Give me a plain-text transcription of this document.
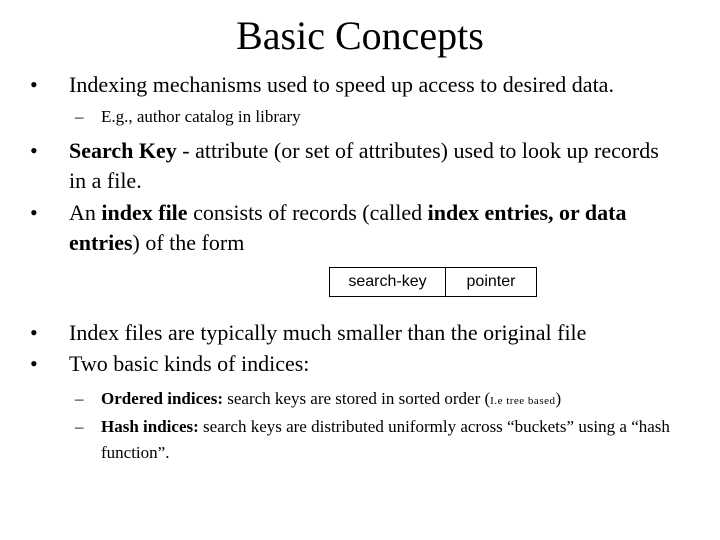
Basic Concepts
• Indexing mechanisms used to speed up access to desired data.
– E.g., author catalog in library
• Search Key - attribute (or set of attributes) used to look up records in a file.
• An index file consists of records (called index entries, or data entries) of the form
search-key	pointer
• Index files are typically much smaller than the original file
• Two basic kinds of indices:
– Ordered indices: search keys are stored in sorted order (I.e tree based)
– Hash indices: search keys are distributed uniformly across “buckets” using a “hash function”.
